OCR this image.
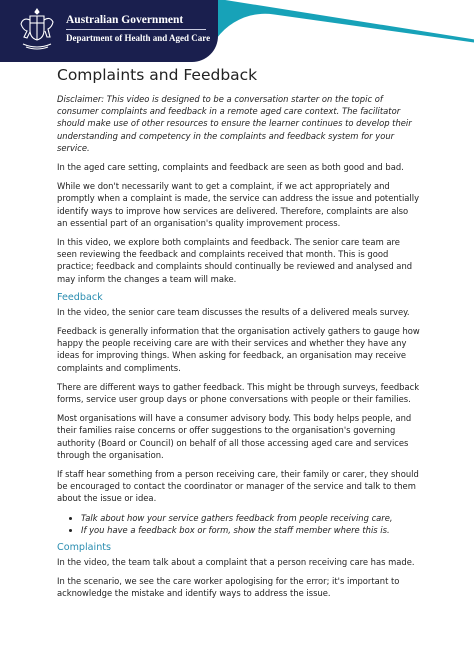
Australian Government
Department of Health and Aged Care
Complaints and Feedback

Disclaimer: This video is designed to be a conversation starter on the topic of consumer complaints and feedback in a remote aged care context. The facilitator should make use of other resources to ensure the learner continues to develop their understanding and competency in the complaints and feedback system for your service.

In the aged care setting, complaints and feedback are seen as both good and bad.

While we don't necessarily want to get a complaint, if we act appropriately and promptly when a complaint is made, the service can address the issue and potentially identify ways to improve how services are delivered. Therefore, complaints are also an essential part of an organisation's quality improvement process.

In this video, we explore both complaints and feedback. The senior care team are seen reviewing the feedback and complaints received that month. This is good practice; feedback and complaints should continually be reviewed and analysed and may inform the changes a team will make.

Feedback

In the video, the senior care team discusses the results of a delivered meals survey.

Feedback is generally information that the organisation actively gathers to gauge how happy the people receiving care are with their services and whether they have any ideas for improving things. When asking for feedback, an organisation may receive complaints and compliments.

There are different ways to gather feedback. This might be through surveys, feedback forms, service user group days or phone conversations with people or their families.

Most organisations will have a consumer advisory body. This body helps people, and their families raise concerns or offer suggestions to the organisation's governing authority (Board or Council) on behalf of all those accessing aged care and services through the organisation.

If staff hear something from a person receiving care, their family or carer, they should be encouraged to contact the coordinator or manager of the service and talk to them about the issue or idea.

• Talk about how your service gathers feedback from people receiving care,
• If you have a feedback box or form, show the staff member where this is.
Complaints

In the video, the team talk about a complaint that a person receiving care has made.

In the scenario, we see the care worker apologising for the error; it's important to acknowledge the mistake and identify ways to address the issue.
